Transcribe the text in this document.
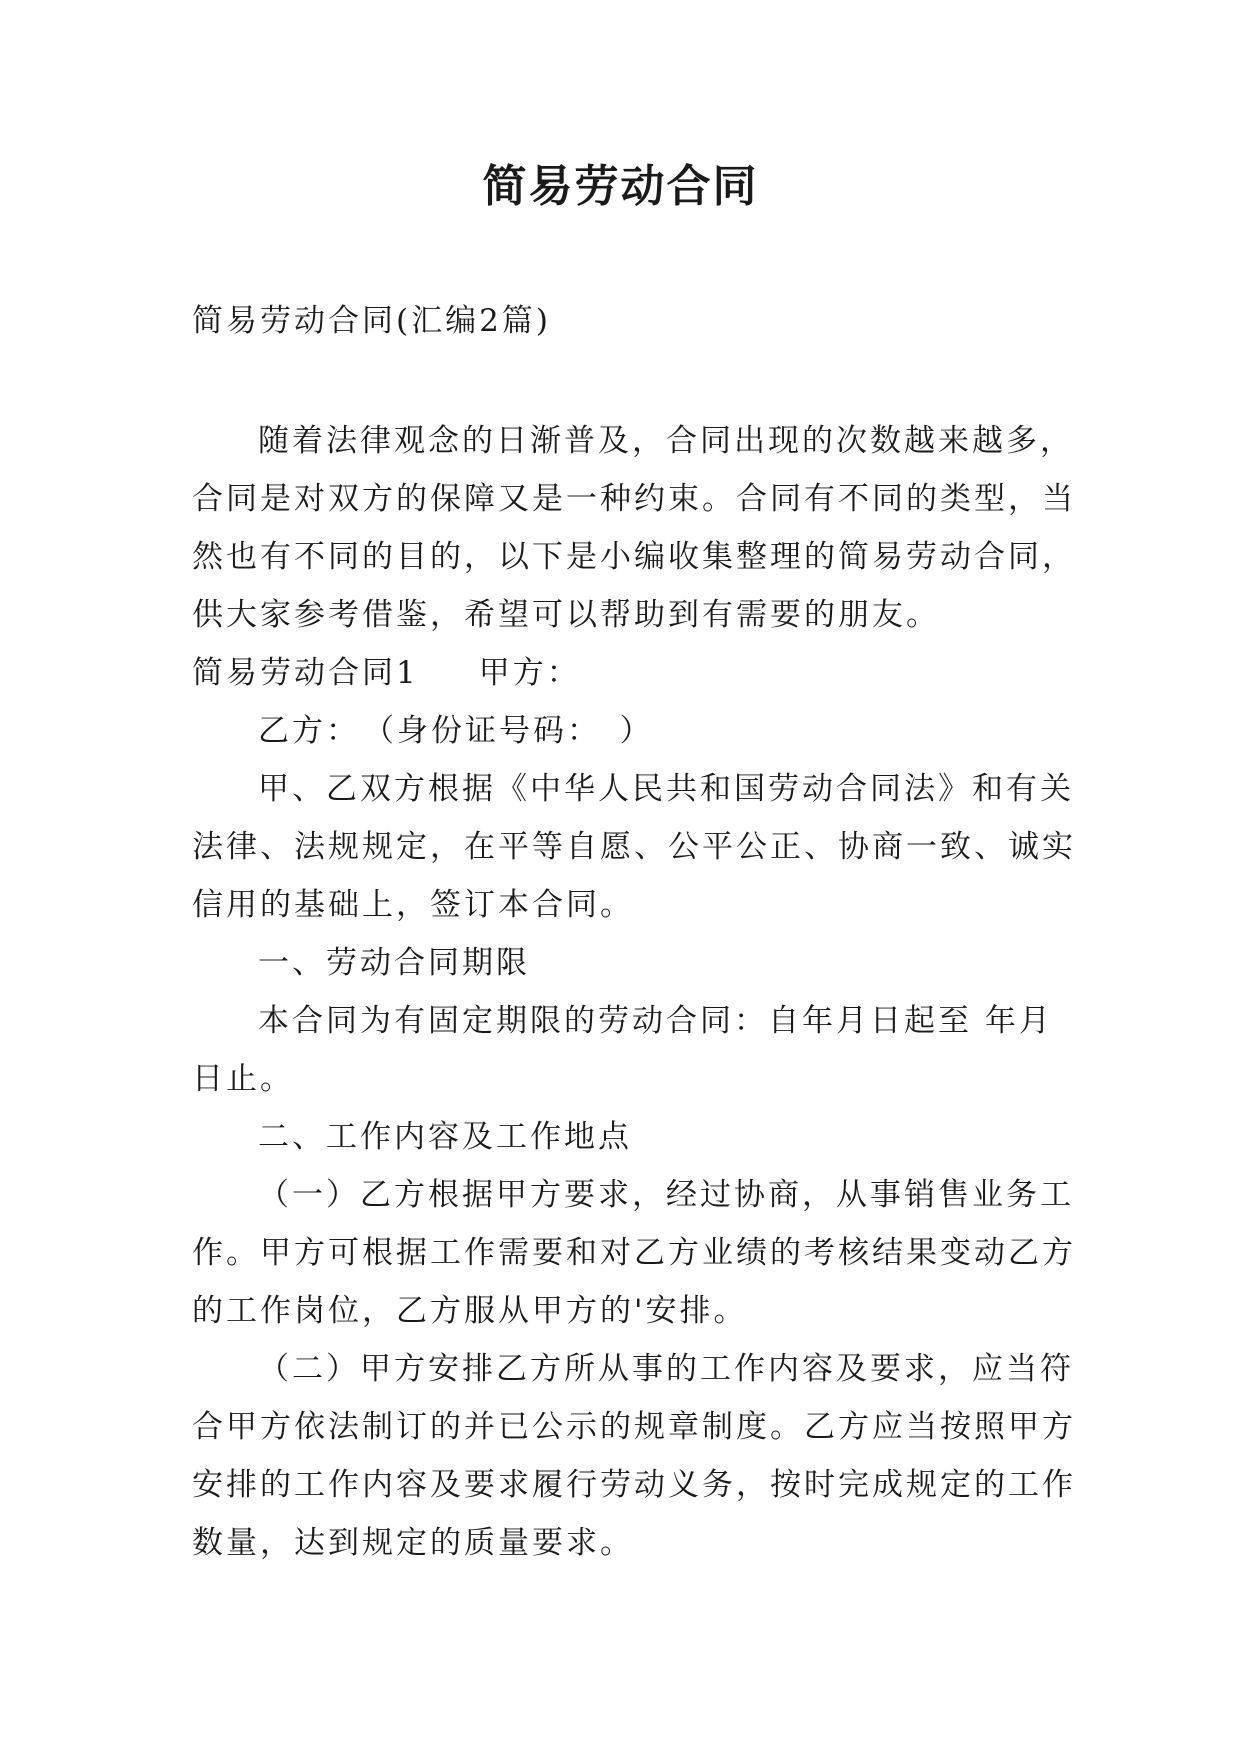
简易劳动合同

简易劳动合同(汇编2篇)

随着法律观念的日渐普及，合同出现的次数越来越多，合同是对双方的保障又是一种约束。合同有不同的类型，当然也有不同的目的，以下是小编收集整理的简易劳动合同，供大家参考借鉴，希望可以帮助到有需要的朋友。

简易劳动合同1 甲方：

乙方：　（身份证号码：　）

甲、乙双方根据《中华人民共和国劳动合同法》和有关法律、法规规定，在平等自愿、公平公正、协商一致、诚实信用的基础上，签订本合同。

一、劳动合同期限

本合同为有固定期限的劳动合同：自年月日起至 年月日止。

二、工作内容及工作地点

（一）乙方根据甲方要求，经过协商，从事销售业务工作。甲方可根据工作需要和对乙方业绩的考核结果变动乙方的工作岗位，乙方服从甲方的'安排。

（二）甲方安排乙方所从事的工作内容及要求，应当符合甲方依法制订的并已公示的规章制度。乙方应当按照甲方安排的工作内容及要求履行劳动义务，按时完成规定的工作数量，达到规定的质量要求。
